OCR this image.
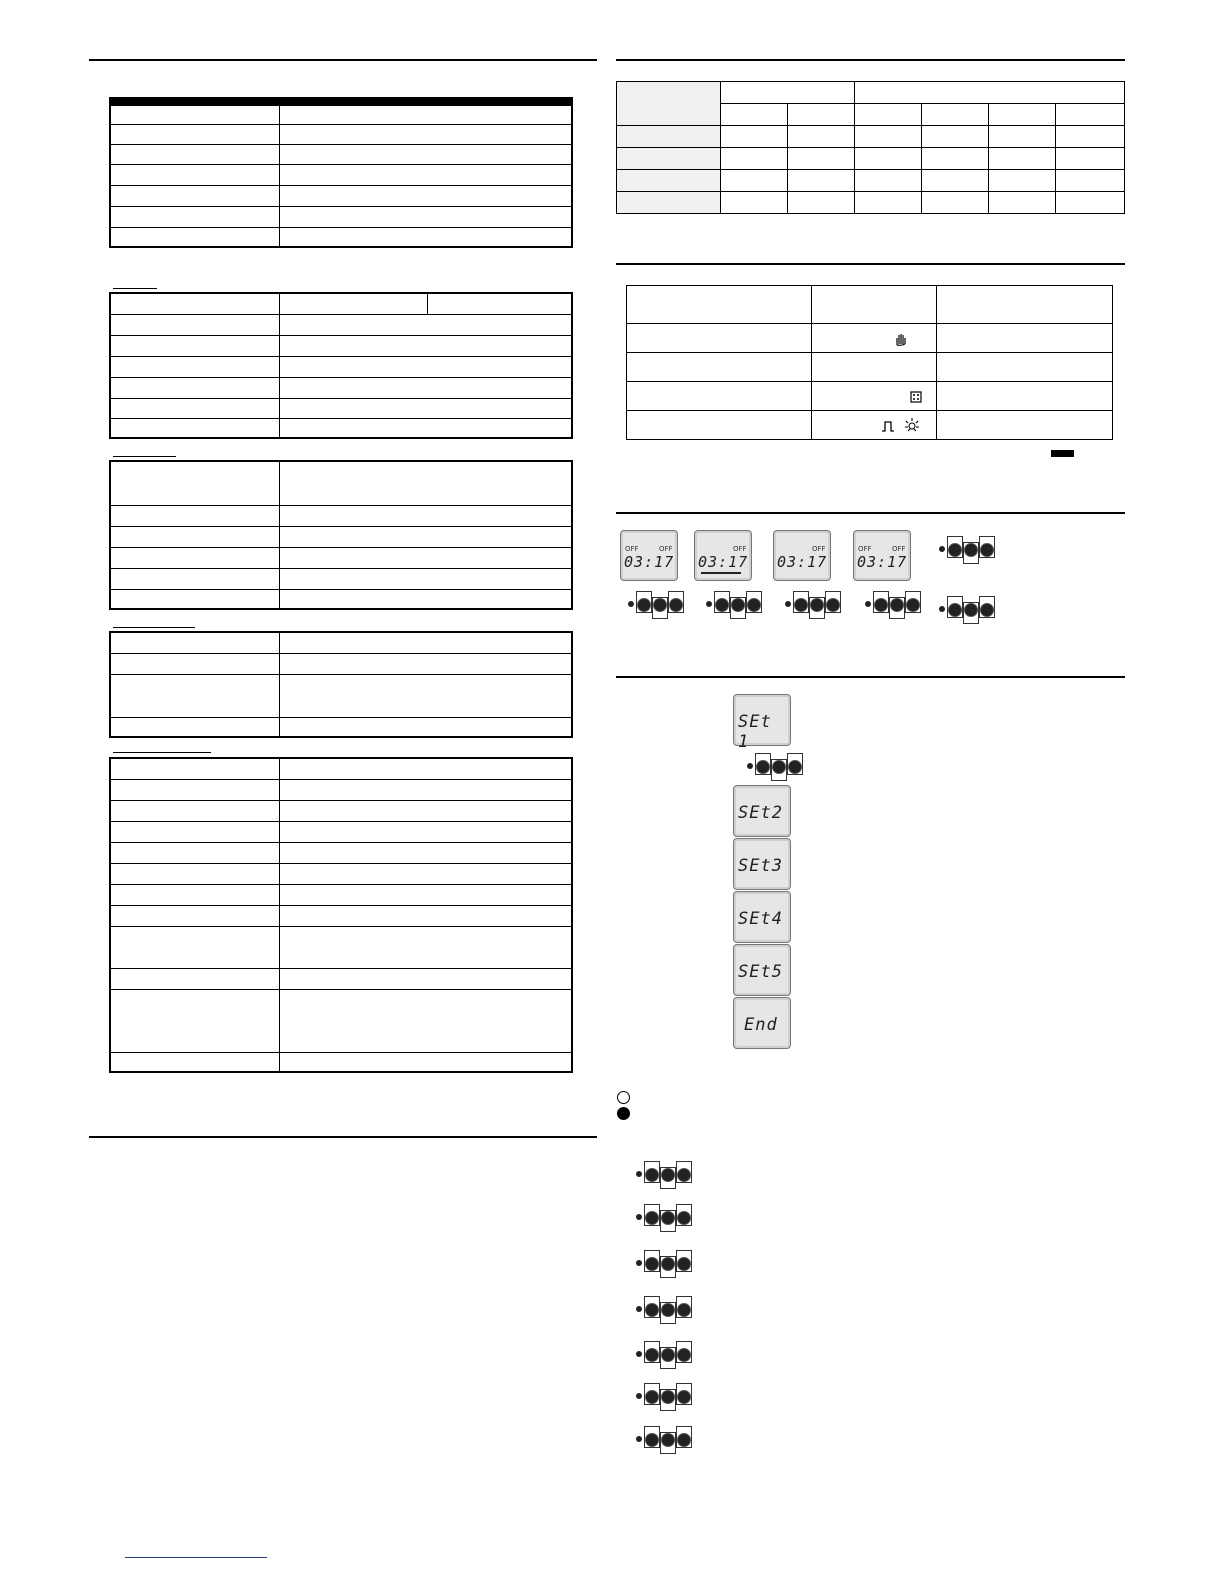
OFF	OFF
03:17
OFF
03:17
OFF
03:17
OFF	OFF
03:17
SEt 1
SEt2
SEt3
SEt4
SEt5
End
